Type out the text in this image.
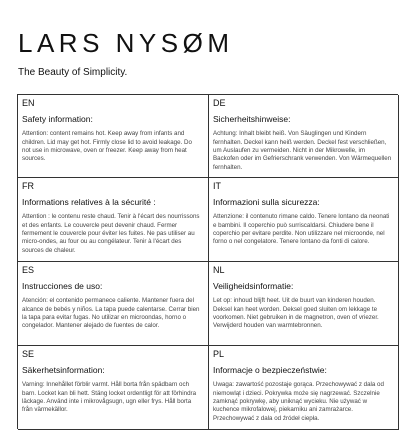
LARS NYSØM
The Beauty of Simplicity.
EN
Safety information:
Attention: content remains hot. Keep away from infants and children. Lid may get hot. Firmly close lid to avoid leakage. Do not use in microwave, oven or freezer. Keep away from heat sources.
DE
Sicherheitshinweise:
Achtung: Inhalt bleibt heiß. Von Säuglingen und Kindern fernhalten. Deckel kann heiß werden. Deckel fest verschließen, um Auslaufen zu vermeiden. Nicht in der Mikrowelle, im Backofen oder im Gefrierschrank verwenden. Von Wärmequellen fernhalten.
FR
Informations relatives à la sécurité :
Attention : le contenu reste chaud. Tenir à l'écart des nourrissons et des enfants. Le couvercle peut devenir chaud. Fermer fermement le couvercle pour éviter les fuites. Ne pas utiliser au micro-ondes, au four ou au congélateur. Tenir à l'écart des sources de chaleur.
IT
Informazioni sulla sicurezza:
Attenzione: il contenuto rimane caldo. Tenere lontano da neonati e bambini. Il coperchio può surriscaldarsi. Chiudere bene il coperchio per evitare perdite. Non utilizzare nel microonde, nel forno o nel congelatore. Tenere lontano da fonti di calore.
ES
Instrucciones de uso:
Atención: el contenido permanece caliente. Mantener fuera del alcance de bebés y niños. La tapa puede calentarse. Cerrar bien la tapa para evitar fugas. No utilizar en microondas, horno o congelador. Mantener alejado de fuentes de calor.
NL
Veiligheidsinformatie:
Let op: inhoud blijft heet. Uit de buurt van kinderen houden. Deksel kan heet worden. Deksel goed sluiten om lekkage te voorkomen. Niet gebruiken in de magnetron, oven of vriezer. Verwijderd houden van warmtebronnen.
SE
Säkerhetsinformation:
Varning: Innehållet förblir varmt. Håll borta från spädbarn och barn. Locket kan bli hett. Stäng locket ordentligt för att förhindra läckage. Använd inte i mikrovågsugn, ugn eller frys. Håll borta från värmekällor.
PL
Informacje o bezpieczeństwie:
Uwaga: zawartość pozostaje gorąca. Przechowywać z dala od niemowląt i dzieci. Pokrywka może się nagrzewać. Szczelnie zamknąć pokrywkę, aby uniknąć wycieku. Nie używać w kuchence mikrofalowej, piekarniku ani zamrażarce. Przechowywać z dala od źródeł ciepła.
